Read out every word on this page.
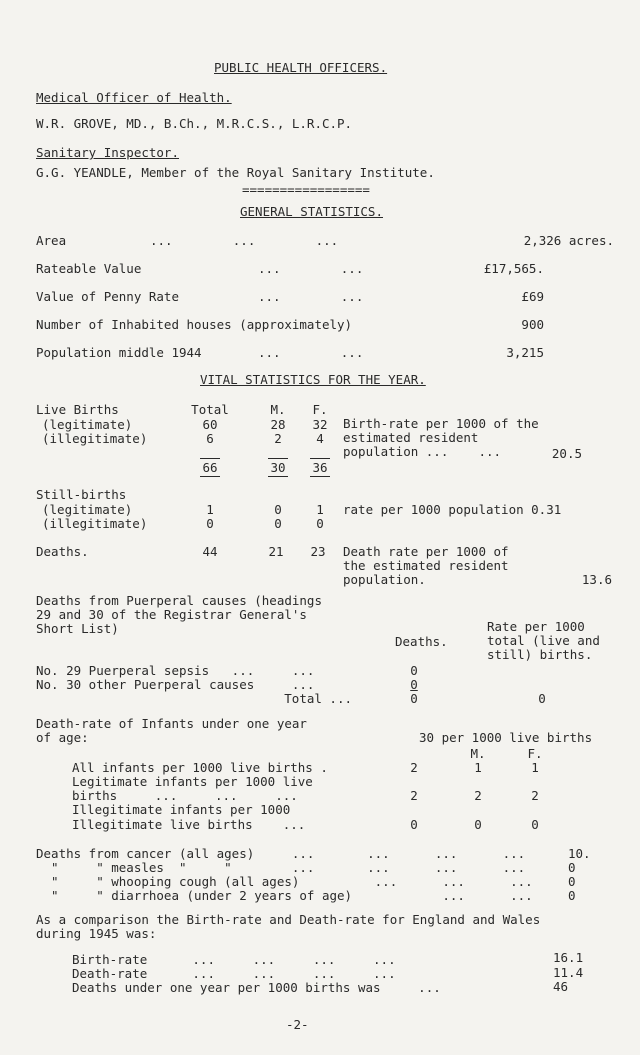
PUBLIC HEALTH OFFICERS.
Medical Officer of Health.
W.R. GROVE, MD., B.Ch., M.R.C.S., L.R.C.P.
Sanitary Inspector.
G.G. YEANDLE, Member of the Royal Sanitary Institute.
=================
GENERAL STATISTICS.
Area	...        ...        ...	2,326 acres.
Rateable Value	...        ...	£17,565.
Value of Penny Rate	...        ...	£69
Number of Inhabited houses (approximately)	900
Population middle 1944	...        ...	3,215
VITAL STATISTICS FOR THE YEAR.
Live Births	Total	M.	F.
(legitimate)	60	28	32
(illegitimate)	6	2	4
66	30	36
Birth-rate per 1000 of the
estimated resident
population ...    ...	20.5
Still-births
(legitimate)	1	0	1
(illegitimate)	0	0	0
rate per 1000 population 0.31
Deaths.	44	21	23	Death rate per 1000 of
the estimated resident
population.	13.6
Deaths from Puerperal causes (headings
29 and 30 of the Registrar General's
Short List)
Deaths.
Rate per 1000
total (live and
still) births.
No. 29 Puerperal sepsis   ...     ...	0
No. 30 other Puerperal causes     ...	0
Total ...	0	0
Death-rate of Infants under one year
of age:	30 per 1000 live births
M.	F.
All infants per 1000 live births .	2	1	1
Legitimate infants per 1000 live
births     ...     ...     ...	2	2	2
Illegitimate infants per 1000
Illegitimate live births    ...	0	0	0
Deaths from cancer (all ages)     ...       ...      ...      ...	10.
"     " measles  "     "        ...       ...      ...      ...	0
"     " whooping cough (all ages)          ...      ...      ...	0
"     " diarrhoea (under 2 years of age)            ...      ...	0
As a comparison the Birth-rate and Death-rate for England and Wales
during 1945 was:
Birth-rate      ...     ...     ...     ...	16.1
Death-rate      ...     ...     ...     ...	11.4
Deaths under one year per 1000 births was     ...	46
-2-
